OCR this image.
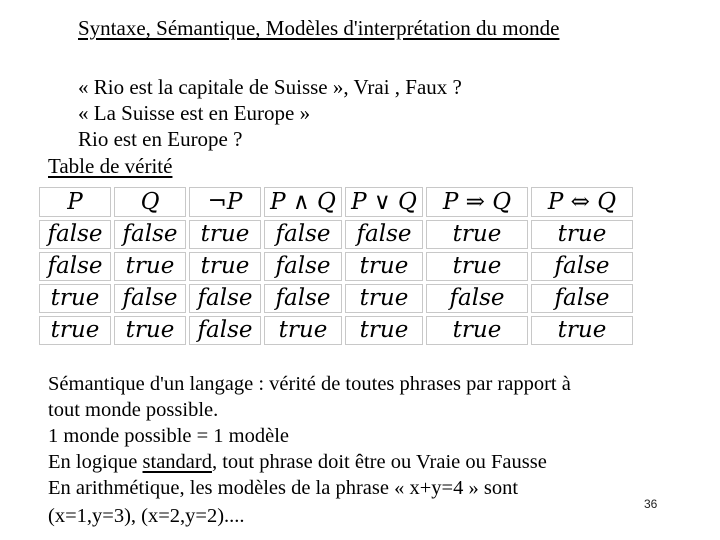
Syntaxe, Sémantique, Modèles d'interprétation du monde
« Rio est la capitale de Suisse », Vrai , Faux ?
« La Suisse est en Europe »
Rio est en Europe ?
Table de vérité
P	Q	¬P	P ∧ Q	P ∨ Q	P ⇒ Q	P ⇔ Q
false	false	true	false	false	true	true
false	true	true	false	true	true	false
true	false	false	false	true	false	false
true	true	false	true	true	true	true
Sémantique d'un langage : vérité de toutes phrases par rapport à
tout monde possible.
1 monde possible = 1 modèle
En logique standard, tout phrase doit être ou Vraie ou Fausse
En arithmétique, les modèles de la phrase « x+y=4 » sont
(x=1,y=3), (x=2,y=2)....
36
